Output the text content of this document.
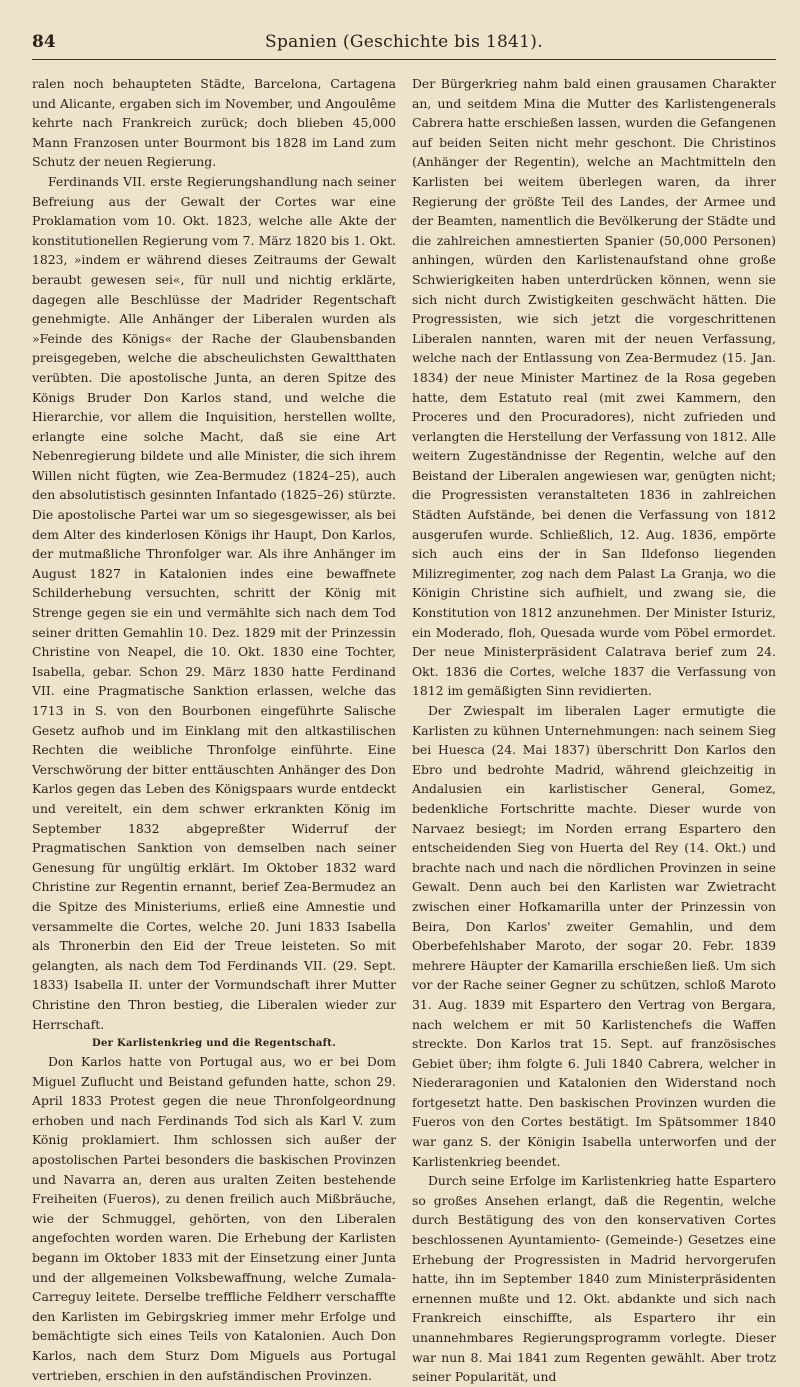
84	Spanien (Geschichte bis 1841).

ralen noch behaupteten Städte, Barcelona, Cartagena und Alicante, ergaben sich im November, und Angoulême kehrte nach Frankreich zurück; doch blieben 45,000 Mann Franzosen unter Bourmont bis 1828 im Land zum Schutz der neuen Regierung.

Ferdinands VII. erste Regierungshandlung nach seiner Befreiung aus der Gewalt der Cortes war eine Proklamation vom 10. Okt. 1823, welche alle Akte der konstitutionellen Regierung vom 7. März 1820 bis 1. Okt. 1823, »indem er während dieses Zeitraums der Gewalt beraubt gewesen sei«, für null und nichtig erklärte, dagegen alle Beschlüsse der Madrider Regentschaft genehmigte. Alle Anhänger der Liberalen wurden als »Feinde des Königs« der Rache der Glaubensbanden preisgegeben, welche die abscheulichsten Gewaltthaten verübten. Die apostolische Junta, an deren Spitze des Königs Bruder Don Karlos stand, und welche die Hierarchie, vor allem die Inquisition, herstellen wollte, erlangte eine solche Macht, daß sie eine Art Nebenregierung bildete und alle Minister, die sich ihrem Willen nicht fügten, wie Zea-Bermudez (1824–25), auch den absolutistisch gesinnten Infantado (1825–26) stürzte. Die apostolische Partei war um so siegesgewisser, als bei dem Alter des kinderlosen Königs ihr Haupt, Don Karlos, der mutmaßliche Thronfolger war. Als ihre Anhänger im August 1827 in Katalonien indes eine bewaffnete Schilderhebung versuchten, schritt der König mit Strenge gegen sie ein und vermählte sich nach dem Tod seiner dritten Gemahlin 10. Dez. 1829 mit der Prinzessin Christine von Neapel, die 10. Okt. 1830 eine Tochter, Isabella, gebar. Schon 29. März 1830 hatte Ferdinand VII. eine Pragmatische Sanktion erlassen, welche das 1713 in S. von den Bourbonen eingeführte Salische Gesetz aufhob und im Einklang mit den altkastilischen Rechten die weibliche Thronfolge einführte. Eine Verschwörung der bitter enttäuschten Anhänger des Don Karlos gegen das Leben des Königspaars wurde entdeckt und vereitelt, ein dem schwer erkrankten König im September 1832 abgepreßter Widerruf der Pragmatischen Sanktion von demselben nach seiner Genesung für ungültig erklärt. Im Oktober 1832 ward Christine zur Regentin ernannt, berief Zea-Bermudez an die Spitze des Ministeriums, erließ eine Amnestie und versammelte die Cortes, welche 20. Juni 1833 Isabella als Thronerbin den Eid der Treue leisteten. So mit gelangten, als nach dem Tod Ferdinands VII. (29. Sept. 1833) Isabella II. unter der Vormundschaft ihrer Mutter Christine den Thron bestieg, die Liberalen wieder zur Herrschaft.

Der Karlistenkrieg und die Regentschaft.

Don Karlos hatte von Portugal aus, wo er bei Dom Miguel Zuflucht und Beistand gefunden hatte, schon 29. April 1833 Protest gegen die neue Thronfolgeordnung erhoben und nach Ferdinands Tod sich als Karl V. zum König proklamiert. Ihm schlossen sich außer der apostolischen Partei besonders die baskischen Provinzen und Navarra an, deren aus uralten Zeiten bestehende Freiheiten (Fueros), zu denen freilich auch Mißbräuche, wie der Schmuggel, gehörten, von den Liberalen angefochten worden waren. Die Erhebung der Karlisten begann im Oktober 1833 mit der Einsetzung einer Junta und der allgemeinen Volksbewaffnung, welche Zumala-Carreguy leitete. Derselbe treffliche Feldherr verschaffte den Karlisten im Gebirgskrieg immer mehr Erfolge und bemächtigte sich eines Teils von Katalonien. Auch Don Karlos, nach dem Sturz Dom Miguels aus Portugal vertrieben, erschien in den aufständischen Provinzen.

Der Bürgerkrieg nahm bald einen grausamen Charakter an, und seitdem Mina die Mutter des Karlistengenerals Cabrera hatte erschießen lassen, wurden die Gefangenen auf beiden Seiten nicht mehr geschont. Die Christinos (Anhänger der Regentin), welche an Machtmitteln den Karlisten bei weitem überlegen waren, da ihrer Regierung der größte Teil des Landes, der Armee und der Beamten, namentlich die Bevölkerung der Städte und die zahlreichen amnestierten Spanier (50,000 Personen) anhingen, würden den Karlistenaufstand ohne große Schwierigkeiten haben unterdrücken können, wenn sie sich nicht durch Zwistigkeiten geschwächt hätten. Die Progressisten, wie sich jetzt die vorgeschrittenen Liberalen nannten, waren mit der neuen Verfassung, welche nach der Entlassung von Zea-Bermudez (15. Jan. 1834) der neue Minister Martinez de la Rosa gegeben hatte, dem Estatuto real (mit zwei Kammern, den Proceres und den Procuradores), nicht zufrieden und verlangten die Herstellung der Verfassung von 1812. Alle weitern Zugeständnisse der Regentin, welche auf den Beistand der Liberalen angewiesen war, genügten nicht; die Progressisten veranstalteten 1836 in zahlreichen Städten Aufstände, bei denen die Verfassung von 1812 ausgerufen wurde. Schließlich, 12. Aug. 1836, empörte sich auch eins der in San Ildefonso liegenden Milizregimenter, zog nach dem Palast La Granja, wo die Königin Christine sich aufhielt, und zwang sie, die Konstitution von 1812 anzunehmen. Der Minister Isturiz, ein Moderado, floh, Quesada wurde vom Pöbel ermordet. Der neue Ministerpräsident Calatrava berief zum 24. Okt. 1836 die Cortes, welche 1837 die Verfassung von 1812 im gemäßigten Sinn revidierten.

Der Zwiespalt im liberalen Lager ermutigte die Karlisten zu kühnen Unternehmungen: nach seinem Sieg bei Huesca (24. Mai 1837) überschritt Don Karlos den Ebro und bedrohte Madrid, während gleichzeitig in Andalusien ein karlistischer General, Gomez, bedenkliche Fortschritte machte. Dieser wurde von Narvaez besiegt; im Norden errang Espartero den entscheidenden Sieg von Huerta del Rey (14. Okt.) und brachte nach und nach die nördlichen Provinzen in seine Gewalt. Denn auch bei den Karlisten war Zwietracht zwischen einer Hofkamarilla unter der Prinzessin von Beira, Don Karlos' zweiter Gemahlin, und dem Oberbefehlshaber Maroto, der sogar 20. Febr. 1839 mehrere Häupter der Kamarilla erschießen ließ. Um sich vor der Rache seiner Gegner zu schützen, schloß Maroto 31. Aug. 1839 mit Espartero den Vertrag von Bergara, nach welchem er mit 50 Karlistenchefs die Waffen streckte. Don Karlos trat 15. Sept. auf französisches Gebiet über; ihm folgte 6. Juli 1840 Cabrera, welcher in Niederaragonien und Katalonien den Widerstand noch fortgesetzt hatte. Den baskischen Provinzen wurden die Fueros von den Cortes bestätigt. Im Spätsommer 1840 war ganz S. der Königin Isabella unterworfen und der Karlistenkrieg beendet.

Durch seine Erfolge im Karlistenkrieg hatte Espartero so großes Ansehen erlangt, daß die Regentin, welche durch Bestätigung des von den konservativen Cortes beschlossenen Ayuntamiento- (Gemeinde-) Gesetzes eine Erhebung der Progressisten in Madrid hervorgerufen hatte, ihn im September 1840 zum Ministerpräsidenten ernennen mußte und 12. Okt. abdankte und sich nach Frankreich einschiffte, als Espartero ihr ein unannehmbares Regierungsprogramm vorlegte. Dieser war nun 8. Mai 1841 zum Regenten gewählt. Aber trotz seiner Popularität, und
